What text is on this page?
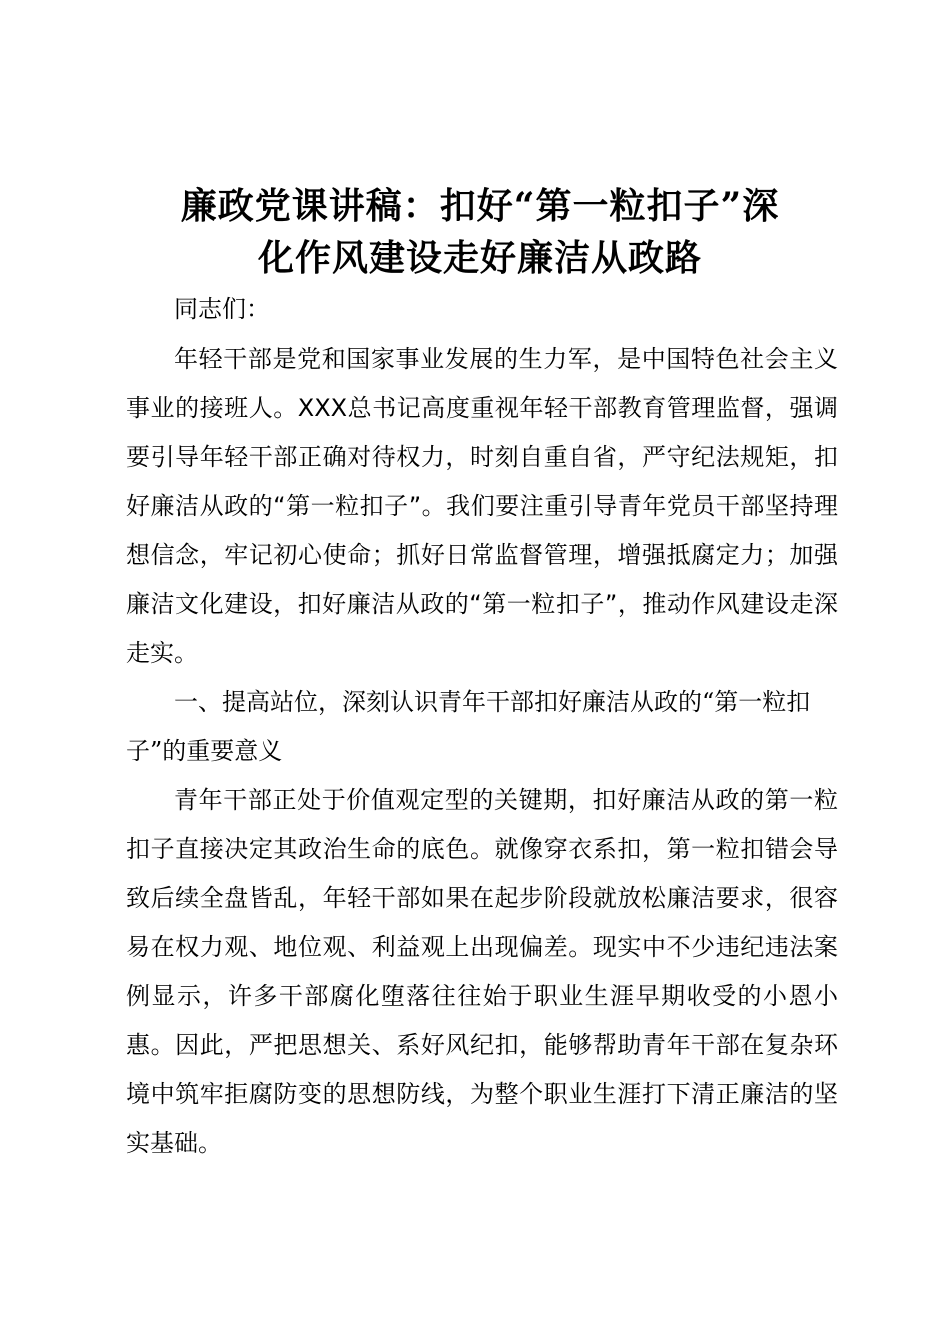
廉政党课讲稿：扣好“第一粒扣子”深
化作风建设走好廉洁从政路

同志们：

年轻干部是党和国家事业发展的生力军，是中国特色社会主义事业的接班人。XXX总书记高度重视年轻干部教育管理监督，强调要引导年轻干部正确对待权力，时刻自重自省，严守纪法规矩，扣好廉洁从政的“第一粒扣子”。我们要注重引导青年党员干部坚持理想信念，牢记初心使命；抓好日常监督管理，增强抵腐定力；加强廉洁文化建设，扣好廉洁从政的“第一粒扣子”，推动作风建设走深走实。

一、提高站位，深刻认识青年干部扣好廉洁从政的“第一粒扣子”的重要意义

青年干部正处于价值观定型的关键期，扣好廉洁从政的第一粒扣子直接决定其政治生命的底色。就像穿衣系扣，第一粒扣错会导致后续全盘皆乱，年轻干部如果在起步阶段就放松廉洁要求，很容易在权力观、地位观、利益观上出现偏差。现实中不少违纪违法案例显示，许多干部腐化堕落往往始于职业生涯早期收受的小恩小惠。因此，严把思想关、系好风纪扣，能够帮助青年干部在复杂环境中筑牢拒腐防变的思想防线，为整个职业生涯打下清正廉洁的坚实基础。
